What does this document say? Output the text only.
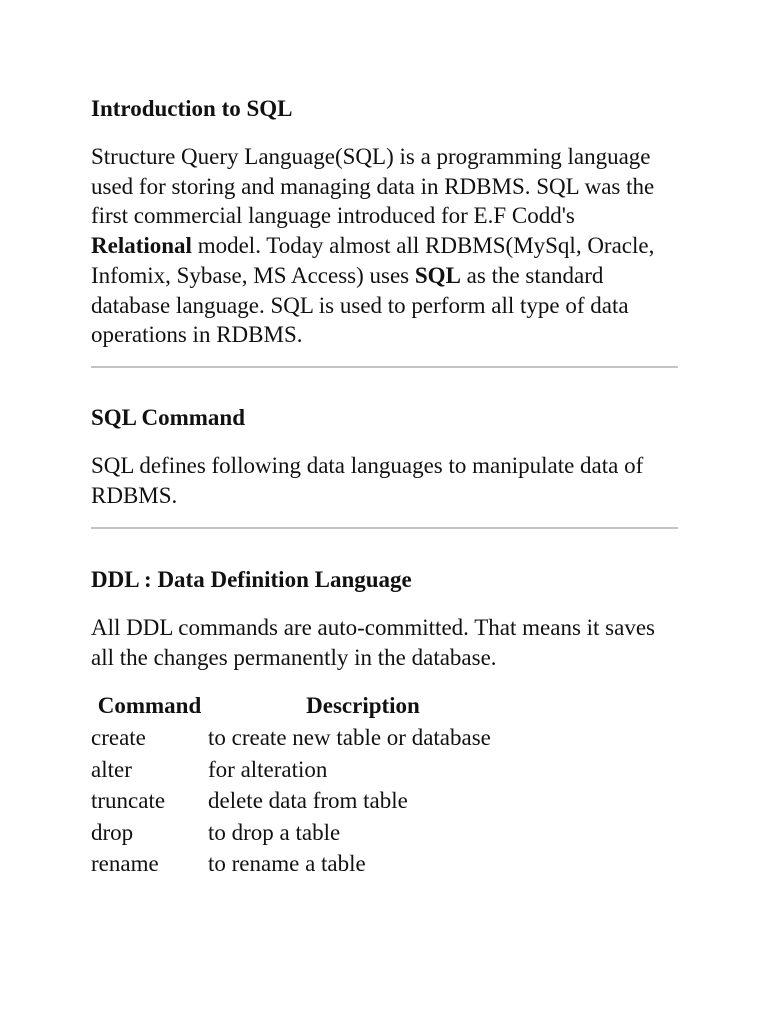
Introduction to SQL

Structure Query Language(SQL) is a programming language used for storing and managing data in RDBMS. SQL was the first commercial language introduced for E.F Codd's Relational model. Today almost all RDBMS(MySql, Oracle, Infomix, Sybase, MS Access) uses SQL as the standard database language. SQL is used to perform all type of data operations in RDBMS.

SQL Command

SQL defines following data languages to manipulate data of RDBMS.

DDL : Data Definition Language

All DDL commands are auto-committed. That means it saves all the changes permanently in the database.

Command	Description
create	to create new table or database
alter	for alteration
truncate	delete data from table
drop	to drop a table
rename	to rename a table
